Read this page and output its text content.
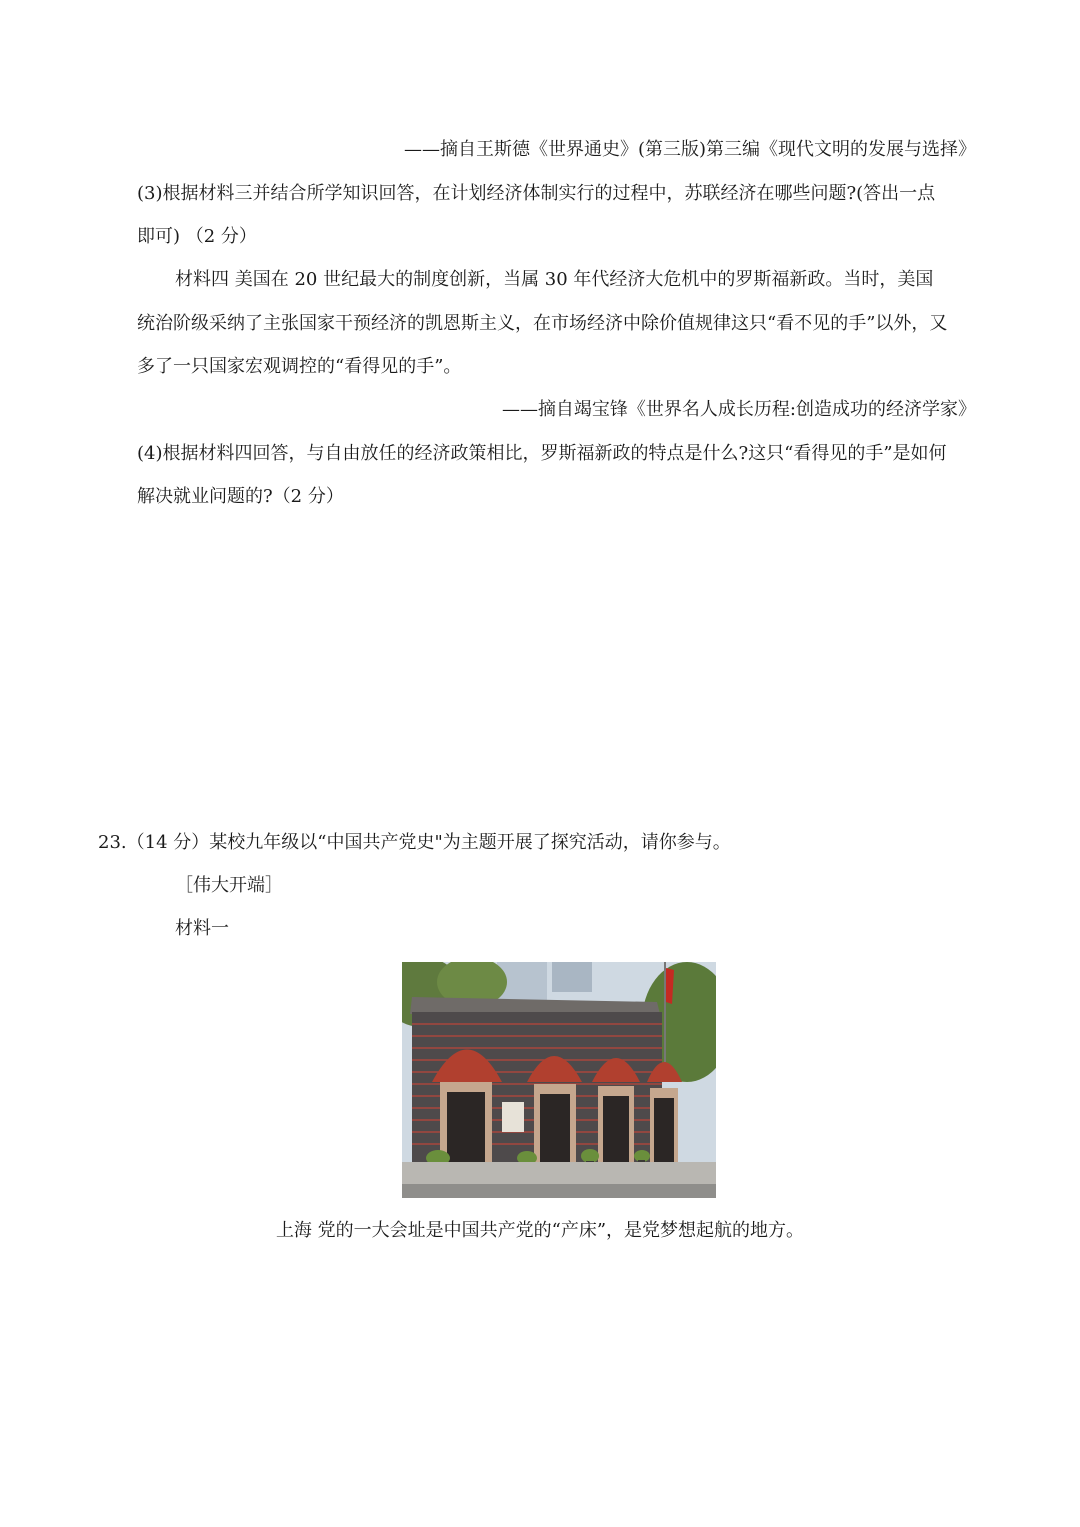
——摘自王斯德《世界通史》(第三版)第三编《现代文明的发展与选择》
(3)根据材料三并结合所学知识回答，在计划经济体制实行的过程中，苏联经济在哪些问题?(答出一点
即可) （2 分）
材料四 美国在 20 世纪最大的制度创新，当属 30 年代经济大危机中的罗斯福新政。当时，美国
统治阶级采纳了主张国家干预经济的凯恩斯主义，在市场经济中除价值规律这只“看不见的手”以外，又
多了一只国家宏观调控的“看得见的手”。
——摘自竭宝锋《世界名人成长历程:创造成功的经济学家》
(4)根据材料四回答，与自由放任的经济政策相比，罗斯福新政的特点是什么?这只“看得见的手”是如何
解决就业问题的?（2 分）
23.（14 分）某校九年级以“中国共产党史"为主题开展了探究活动，请你参与。
［伟大开端］
材料一
上海 党的一大会址是中国共产党的“产床”，是党梦想起航的地方。
